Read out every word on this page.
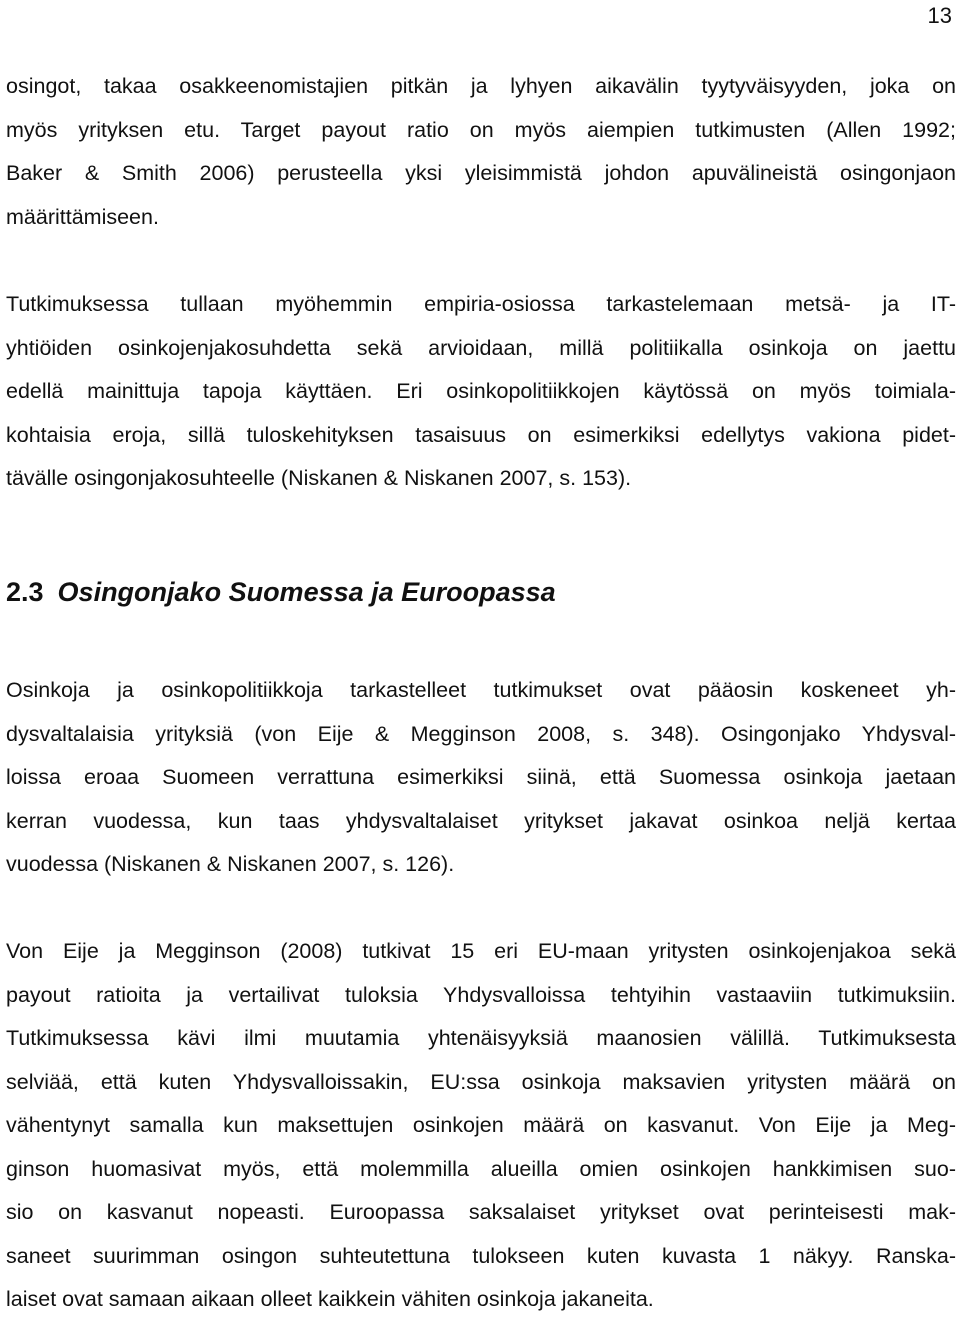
13
osingot, takaa osakkeenomistajien pitkän ja lyhyen aikavälin tyytyväisyyden, joka on
myös yrityksen etu. Target payout ratio on myös aiempien tutkimusten (Allen 1992;
Baker & Smith 2006) perusteella yksi yleisimmistä johdon apuvälineistä osingonjaon
määrittämiseen.
Tutkimuksessa tullaan myöhemmin empiria-osiossa tarkastelemaan metsä- ja IT-
yhtiöiden osinkojenjakosuhdetta sekä arvioidaan, millä politiikalla osinkoja on jaettu
edellä mainittuja tapoja käyttäen. Eri osinkopolitiikkojen käytössä on myös toimiala-
kohtaisia eroja, sillä tuloskehityksen tasaisuus on esimerkiksi edellytys vakiona pidet-
tävälle osingonjakosuhteelle (Niskanen & Niskanen 2007, s. 153).
2.3 Osingonjako Suomessa ja Euroopassa
Osinkoja ja osinkopolitiikkoja tarkastelleet tutkimukset ovat pääosin koskeneet yh-
dysvaltalaisia yrityksiä (von Eije & Megginson 2008, s. 348). Osingonjako Yhdysval-
loissa eroaa Suomeen verrattuna esimerkiksi siinä, että Suomessa osinkoja jaetaan
kerran vuodessa, kun taas yhdysvaltalaiset yritykset jakavat osinkoa neljä kertaa
vuodessa (Niskanen & Niskanen 2007, s. 126).
Von Eije ja Megginson (2008) tutkivat 15 eri EU-maan yritysten osinkojenjakoa sekä
payout ratioita ja vertailivat tuloksia Yhdysvalloissa tehtyihin vastaaviin tutkimuksiin.
Tutkimuksessa kävi ilmi muutamia yhtenäisyyksiä maanosien välillä. Tutkimuksesta
selviää, että kuten Yhdysvalloissakin, EU:ssa osinkoja maksavien yritysten määrä on
vähentynyt samalla kun maksettujen osinkojen määrä on kasvanut. Von Eije ja Meg-
ginson huomasivat myös, että molemmilla alueilla omien osinkojen hankkimisen suo-
sio on kasvanut nopeasti. Euroopassa saksalaiset yritykset ovat perinteisesti mak-
saneet suurimman osingon suhteutettuna tulokseen kuten kuvasta 1 näkyy. Ranska-
laiset ovat samaan aikaan olleet kaikkein vähiten osinkoja jakaneita.
